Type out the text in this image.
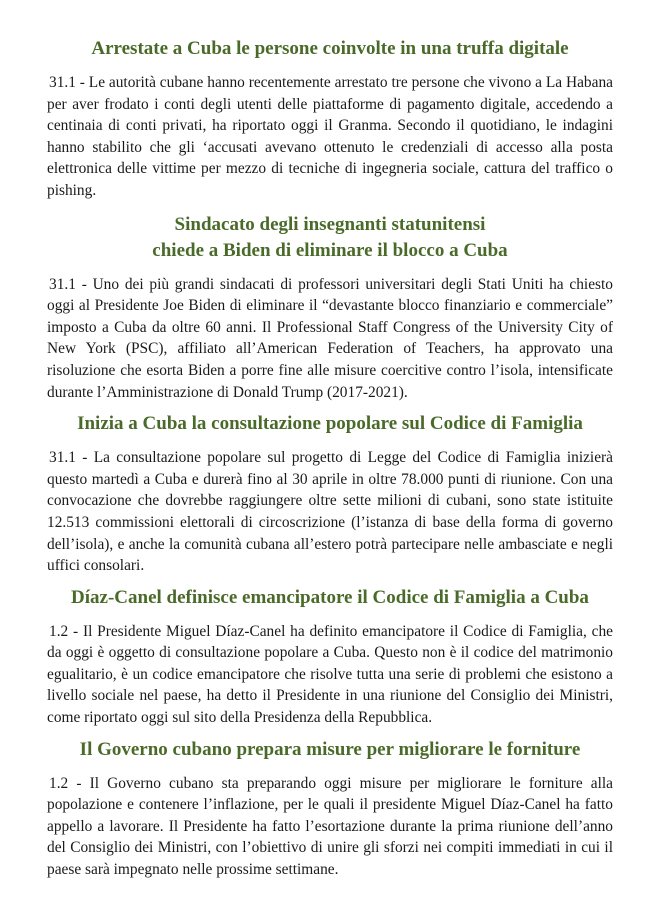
Arrestate a Cuba le persone coinvolte in una truffa digitale

31.1 - Le autorità cubane hanno recentemente arrestato tre persone che vivono a La Habana per aver frodato i conti degli utenti delle piattaforme di pagamento digitale, accedendo a centinaia di conti privati, ha riportato oggi il Granma. Secondo il quotidiano, le indagini hanno stabilito che gli ‘accusati avevano ottenuto le credenziali di accesso alla posta elettronica delle vittime per mezzo di tecniche di ingegneria sociale, cattura del traffico o pishing.

Sindacato degli insegnanti statunitensi
chiede a Biden di eliminare il blocco a Cuba

31.1 - Uno dei più grandi sindacati di professori universitari degli Stati Uniti ha chiesto oggi al Presidente Joe Biden di eliminare il “devastante blocco finanziario e commerciale” imposto a Cuba da oltre 60 anni. Il Professional Staff Congress of the University City of New York (PSC), affiliato all’American Federation of Teachers, ha approvato una risoluzione che esorta Biden a porre fine alle misure coercitive contro l’isola, intensificate durante l’Amministrazione di Donald Trump (2017-2021).

Inizia a Cuba la consultazione popolare sul Codice di Famiglia

31.1 - La consultazione popolare sul progetto di Legge del Codice di Famiglia inizierà questo martedì a Cuba e durerà fino al 30 aprile in oltre 78.000 punti di riunione. Con una convocazione che dovrebbe raggiungere oltre sette milioni di cubani, sono state istituite 12.513 commissioni elettorali di circoscrizione (l’istanza di base della forma di governo dell’isola), e anche la comunità cubana all’estero potrà partecipare nelle ambasciate e negli uffici consolari.

Díaz-Canel definisce emancipatore il Codice di Famiglia a Cuba

1.2 - Il Presidente Miguel Díaz-Canel ha definito emancipatore il Codice di Famiglia, che da oggi è oggetto di consultazione popolare a Cuba. Questo non è il codice del matrimonio egualitario, è un codice emancipatore che risolve tutta una serie di problemi che esistono a livello sociale nel paese, ha detto il Presidente in una riunione del Consiglio dei Ministri, come riportato oggi sul sito della Presidenza della Repubblica.

Il Governo cubano prepara misure per migliorare le forniture

1.2 - Il Governo cubano sta preparando oggi misure per migliorare le forniture alla popolazione e contenere l’inflazione, per le quali il presidente Miguel Díaz-Canel ha fatto appello a lavorare. Il Presidente ha fatto l’esortazione durante la prima riunione dell’anno del Consiglio dei Ministri, con l’obiettivo di unire gli sforzi nei compiti immediati in cui il paese sarà impegnato nelle prossime settimane.
